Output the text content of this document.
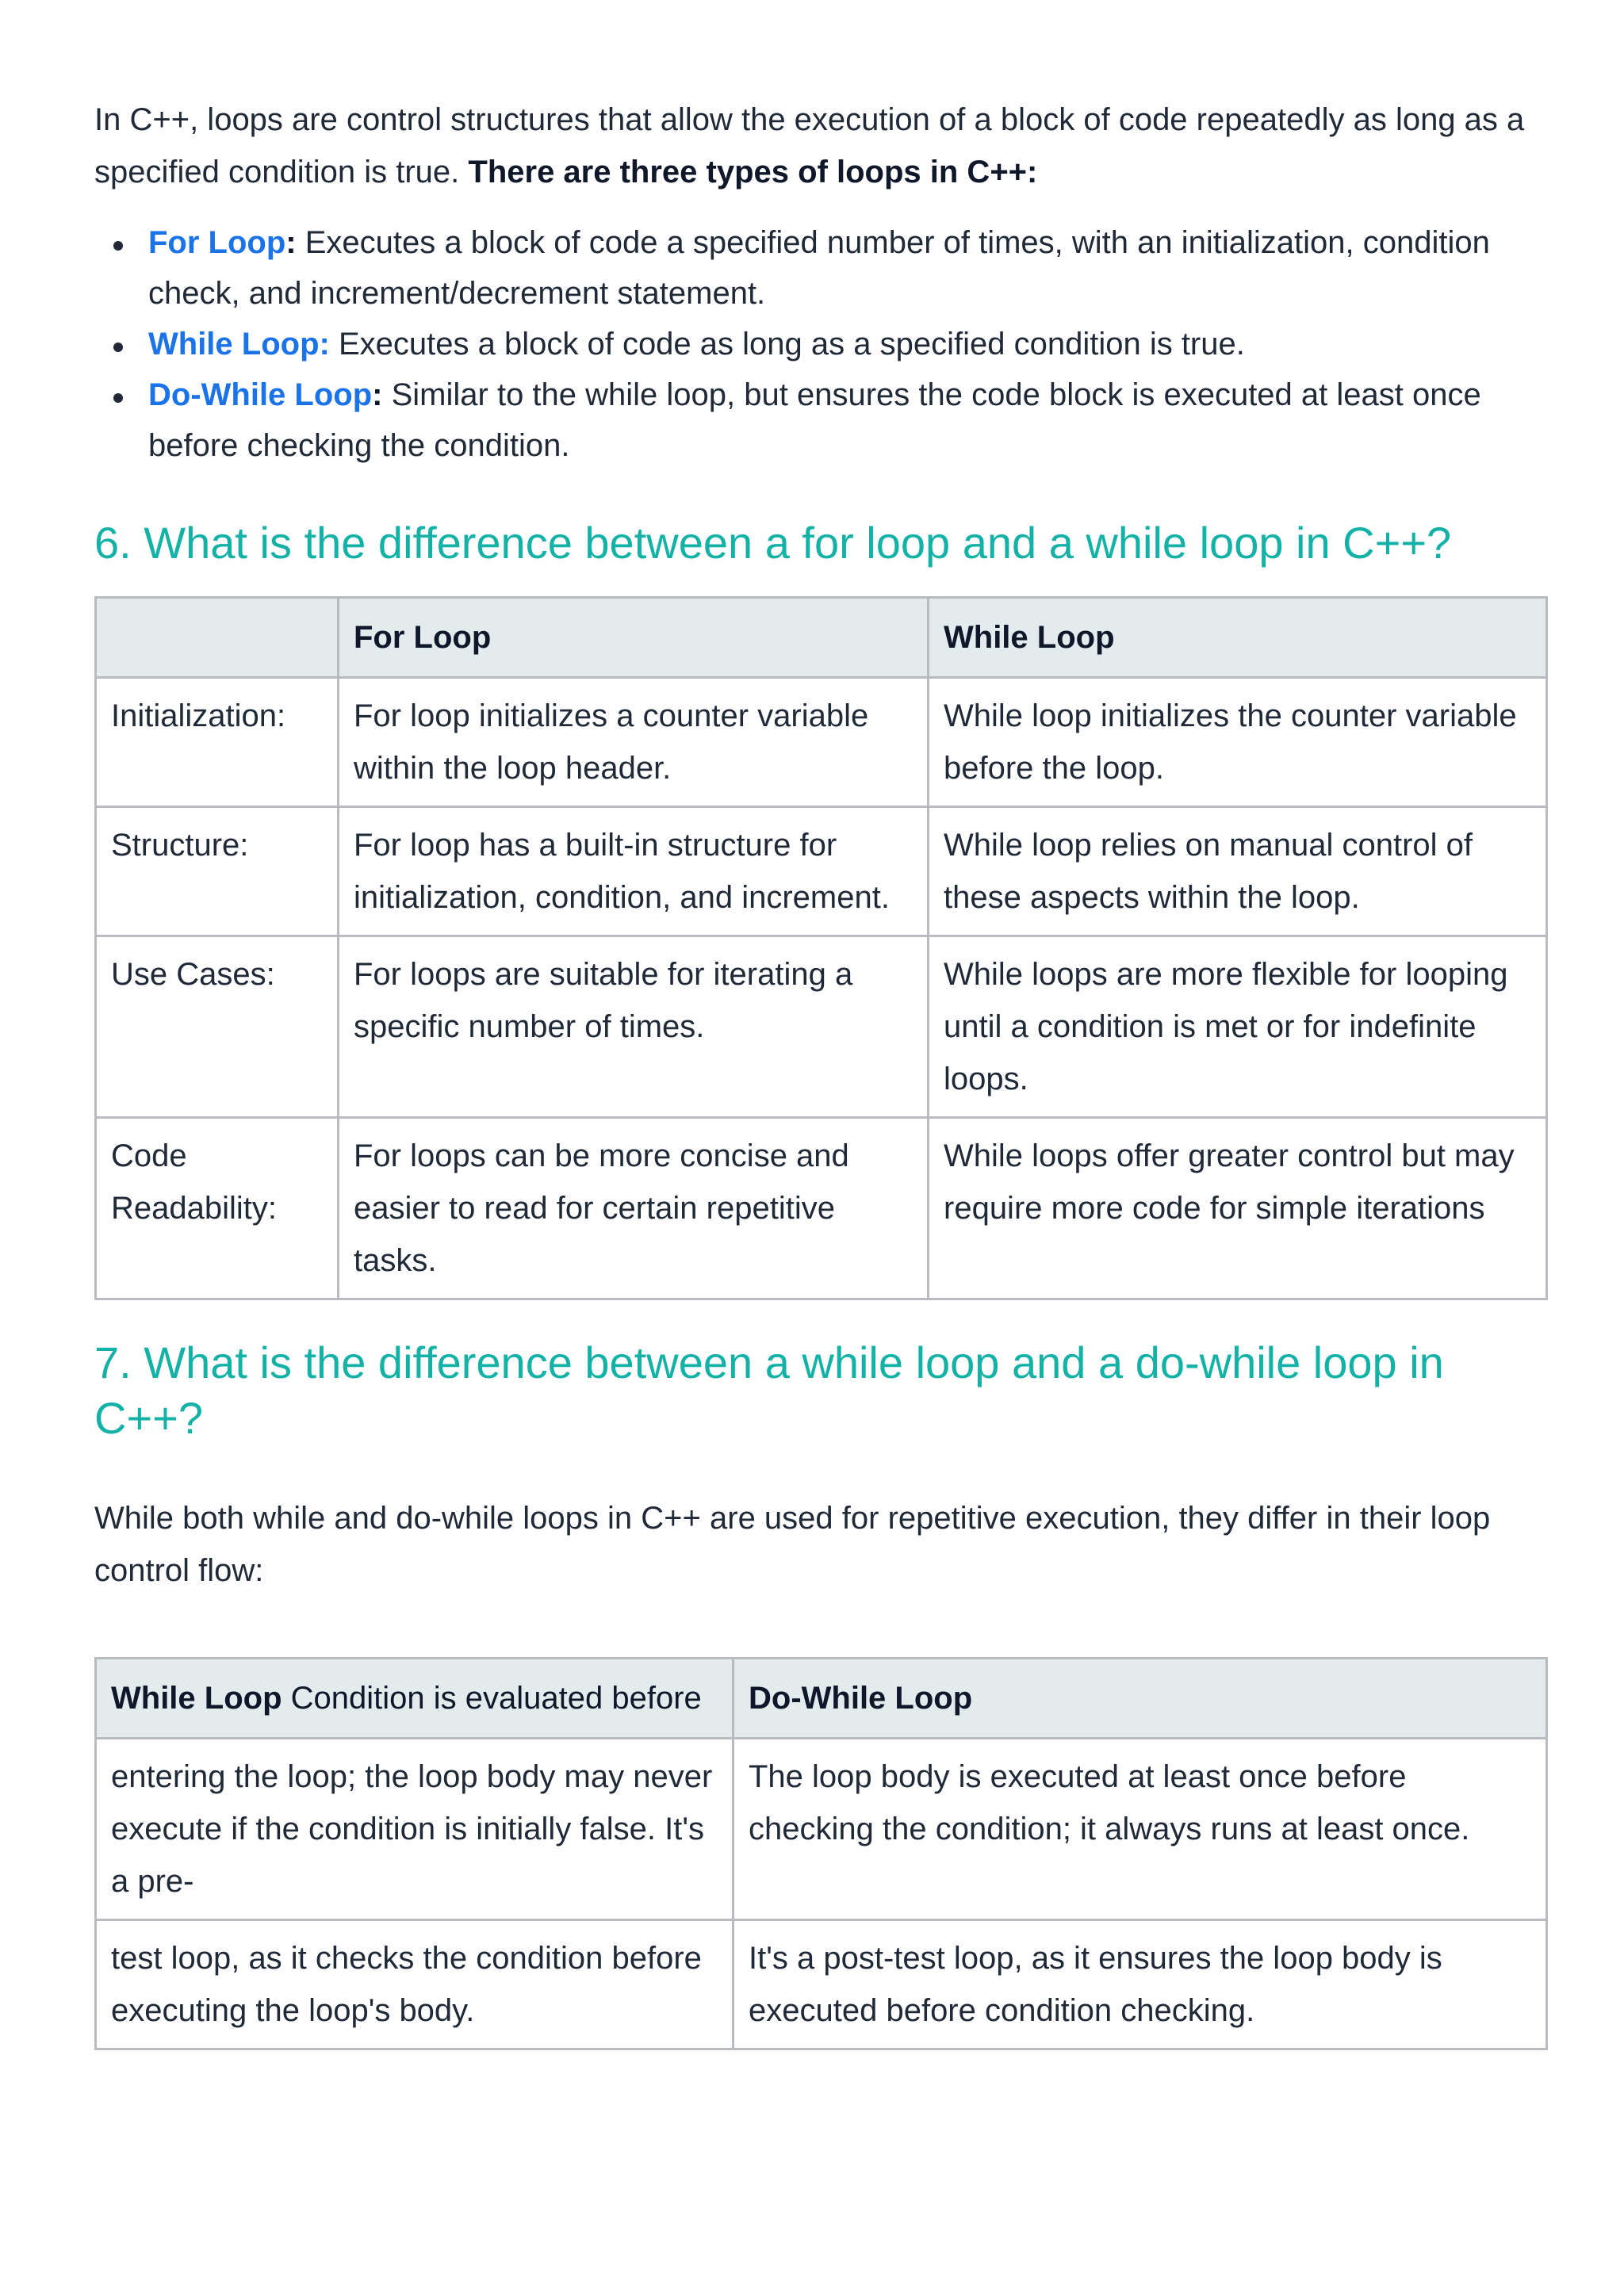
In C++, loops are control structures that allow the execution of a block of code repeatedly as long as a specified condition is true. There are three types of loops in C++:

For Loop: Executes a block of code a specified number of times, with an initialization, condition check, and increment/decrement statement.
While Loop: Executes a block of code as long as a specified condition is true.
Do-While Loop: Similar to the while loop, but ensures the code block is executed at least once before checking the condition.
6. What is the difference between a for loop and a while loop in C++?
	For Loop	While Loop
Initialization:	For loop initializes a counter variable within the loop header.	While loop initializes the counter variable before the loop.
Structure:	For loop has a built-in structure for initialization, condition, and increment.	While loop relies on manual control of these aspects within the loop.
Use Cases:	For loops are suitable for iterating a specific number of times.	While loops are more flexible for looping until a condition is met or for indefinite loops.
Code Readability:	For loops can be more concise and easier to read for certain repetitive tasks.	While loops offer greater control but may require more code for simple iterations
7. What is the difference between a while loop and a do-while loop in C++?

While both while and do-while loops in C++ are used for repetitive execution, they differ in their loop control flow:

While Loop Condition is evaluated before	Do-While Loop
entering the loop; the loop body may never execute if the condition is initially false. It's a pre-	The loop body is executed at least once before checking the condition; it always runs at least once.
test loop, as it checks the condition before executing the loop's body.	It's a post-test loop, as it ensures the loop body is executed before condition checking.
